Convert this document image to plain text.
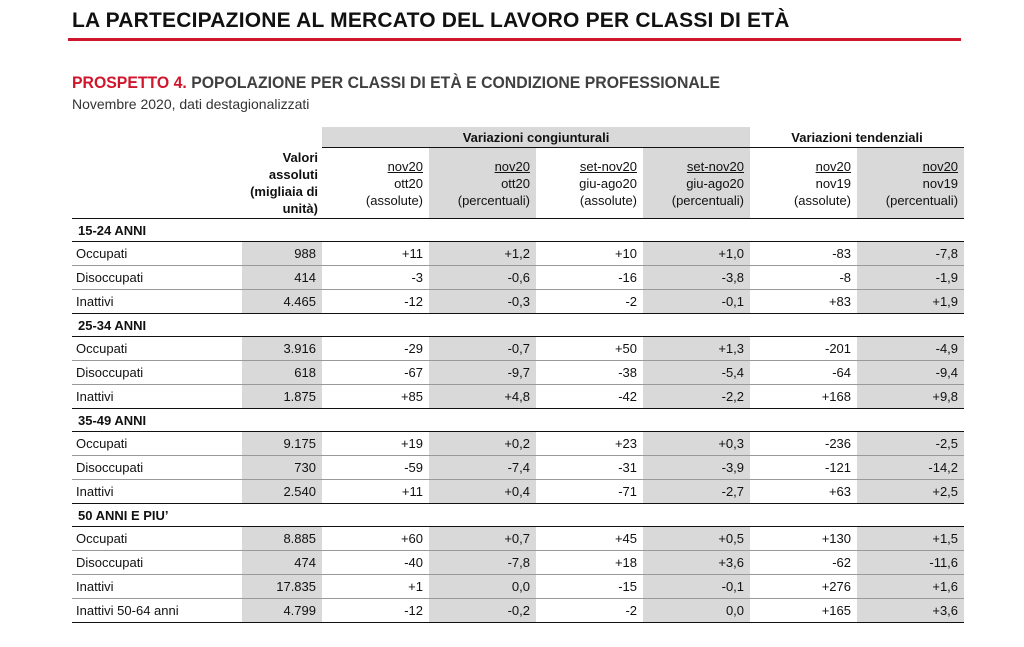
LA PARTECIPAZIONE AL MERCATO DEL LAVORO PER CLASSI DI ETÀ
PROSPETTO 4. POPOLAZIONE PER CLASSI DI ETÀ E CONDIZIONE PROFESSIONALE
Novembre 2020, dati destagionalizzati
		Variazioni congiunturali				Variazioni tendenziali	
	Valori assoluti (migliaia di unità)	nov20
ott20
(assolute)	nov20
ott20
(percentuali)	set-nov20
giu-ago20
(assolute)	set-nov20
giu-ago20
(percentuali)	nov20
nov19
(assolute)	nov20
nov19
(percentuali)

15-24 ANNI							
Occupati	988	+11	+1,2	+10	+1,0	-83	-7,8
Disoccupati	414	-3	-0,6	-16	-3,8	-8	-1,9
Inattivi	4.465	-12	-0,3	-2	-0,1	+83	+1,9
25-34 ANNI							
Occupati	3.916	-29	-0,7	+50	+1,3	-201	-4,9
Disoccupati	618	-67	-9,7	-38	-5,4	-64	-9,4
Inattivi	1.875	+85	+4,8	-42	-2,2	+168	+9,8
35-49 ANNI							
Occupati	9.175	+19	+0,2	+23	+0,3	-236	-2,5
Disoccupati	730	-59	-7,4	-31	-3,9	-121	-14,2
Inattivi	2.540	+11	+0,4	-71	-2,7	+63	+2,5
50 ANNI E PIU’							
Occupati	8.885	+60	+0,7	+45	+0,5	+130	+1,5
Disoccupati	474	-40	-7,8	+18	+3,6	-62	-11,6
Inattivi	17.835	+1	0,0	-15	-0,1	+276	+1,6
Inattivi 50-64 anni	4.799	-12	-0,2	-2	0,0	+165	+3,6
